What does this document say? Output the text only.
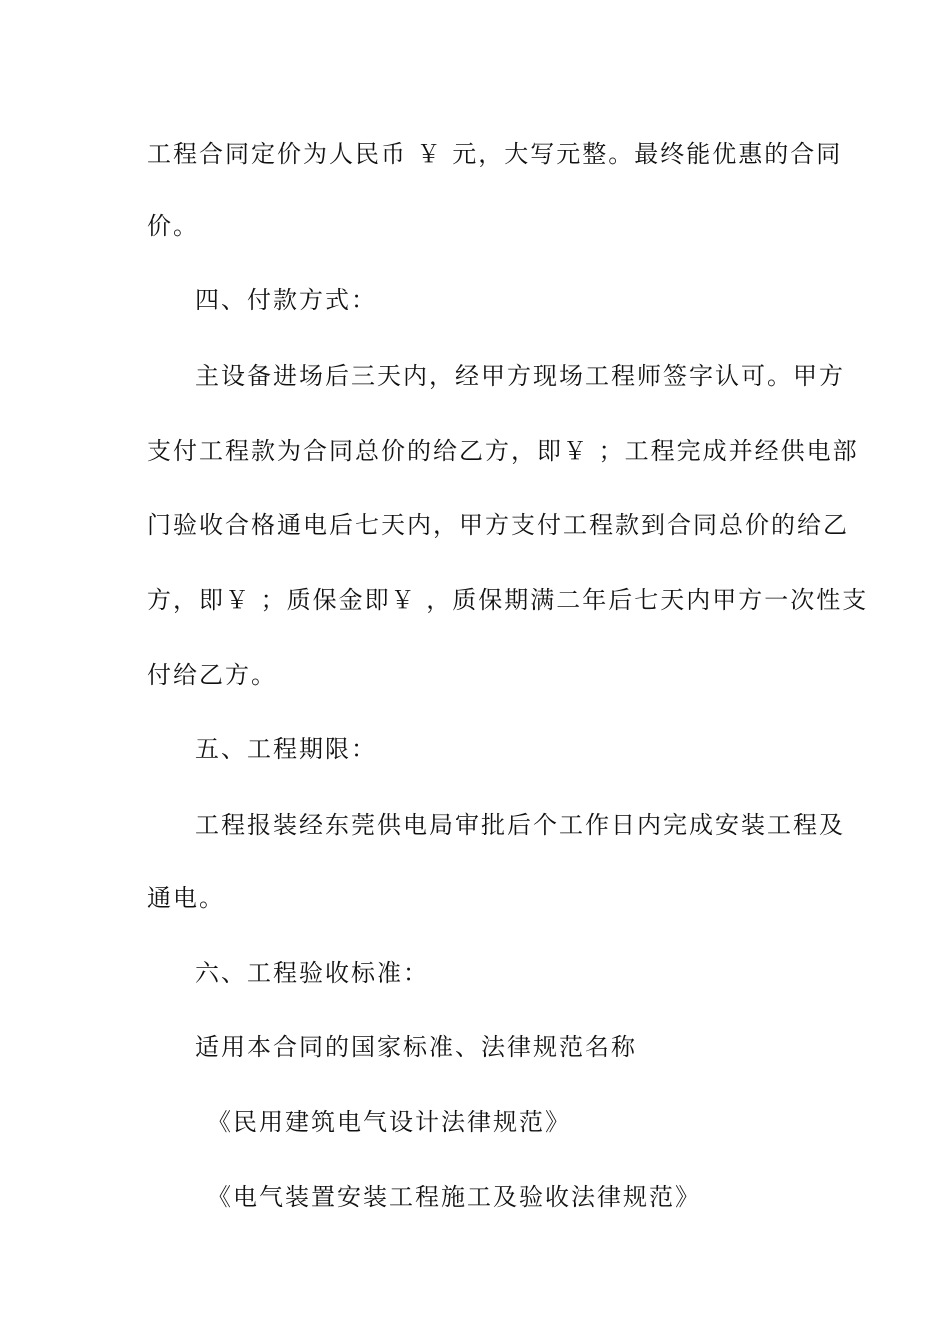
工程合同定价为人民币 ￥ 元，大写元整。最终能优惠的合同
价。
四、付款方式：
主设备进场后三天内，经甲方现场工程师签字认可。甲方
支付工程款为合同总价的给乙方，即￥ ；工程完成并经供电部
门验收合格通电后七天内，甲方支付工程款到合同总价的给乙
方，即￥ ；质保金即￥ ，质保期满二年后七天内甲方一次性支
付给乙方。
五、工程期限：
工程报装经东莞供电局审批后个工作日内完成安装工程及
通电。
六、工程验收标准：
适用本合同的国家标准、法律规范名称
《民用建筑电气设计法律规范》
《电气装置安装工程施工及验收法律规范》
